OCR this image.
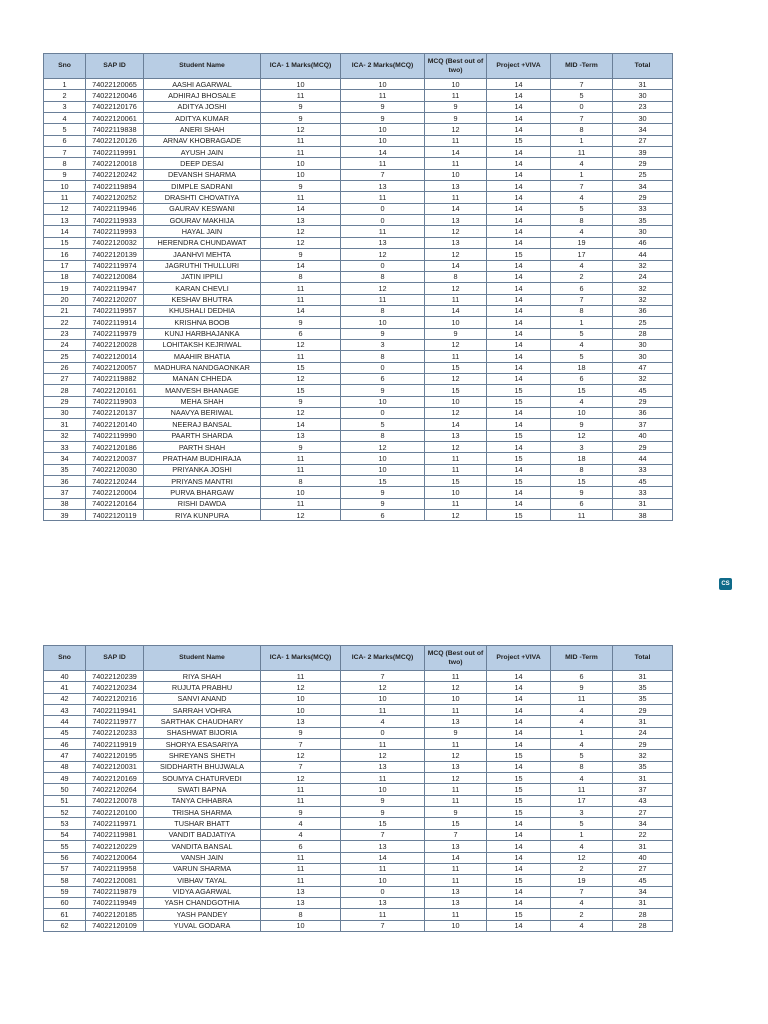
Sno	SAP ID	Student Name	ICA- 1 Marks(MCQ)	ICA- 2 Marks(MCQ)	MCQ (Best out of two)	Project +VIVA	MID -Term	Total
1	74022120065	AASHI AGARWAL	10	10	10	14	7	31
2	74022120046	ADHIRAJ BHOSALE	11	11	11	14	5	30
3	74022120176	ADITYA JOSHI	9	9	9	14	0	23
4	74022120061	ADITYA KUMAR	9	9	9	14	7	30
5	74022119838	ANERI SHAH	12	10	12	14	8	34
6	74022120126	ARNAV KHOBRAGADE	11	10	11	15	1	27
7	74022119991	AYUSH JAIN	11	14	14	14	11	39
8	74022120018	DEEP DESAI	10	11	11	14	4	29
9	74022120242	DEVANSH SHARMA	10	7	10	14	1	25
10	74022119894	DIMPLE SADRANI	9	13	13	14	7	34
11	74022120252	DRASHTI CHOVATIYA	11	11	11	14	4	29
12	74022119946	GAURAV KESWANI	14	0	14	14	5	33
13	74022119933	GOURAV MAKHIJA	13	0	13	14	8	35
14	74022119993	HAYAL JAIN	12	11	12	14	4	30
15	74022120032	HERENDRA CHUNDAWAT	12	13	13	14	19	46
16	74022120139	JAANHVI MEHTA	9	12	12	15	17	44
17	74022119974	JAGRUTHI THULLURI	14	0	14	14	4	32
18	74022120084	JATIN IPPILI	8	8	8	14	2	24
19	74022119947	KARAN CHEVLI	11	12	12	14	6	32
20	74022120207	KESHAV BHUTRA	11	11	11	14	7	32
21	74022119957	KHUSHALI DEDHIA	14	8	14	14	8	36
22	74022119914	KRISHNA BOOB	9	10	10	14	1	25
23	74022119979	KUNJ HARBHAJANKA	6	9	9	14	5	28
24	74022120028	LOHITAKSH KEJRIWAL	12	3	12	14	4	30
25	74022120014	MAAHIR BHATIA	11	8	11	14	5	30
26	74022120057	MADHURA NANDGAONKAR	15	0	15	14	18	47
27	74022119882	MANAN CHHEDA	12	6	12	14	6	32
28	74022120161	MANVESH BHANAGE	15	9	15	15	15	45
29	74022119903	MEHA SHAH	9	10	10	15	4	29
30	74022120137	NAAVYA BERIWAL	12	0	12	14	10	36
31	74022120140	NEERAJ BANSAL	14	5	14	14	9	37
32	74022119990	PAARTH SHARDA	13	8	13	15	12	40
33	74022120186	PARTH SHAH	9	12	12	14	3	29
34	74022120037	PRATHAM BUDHIRAJA	11	10	11	15	18	44
35	74022120030	PRIYANKA JOSHI	11	10	11	14	8	33
36	74022120244	PRIYANS MANTRI	8	15	15	15	15	45
37	74022120004	PURVA BHARGAW	10	9	10	14	9	33
38	74022120164	RISHI DAWDA	11	9	11	14	6	31
39	74022120119	RIYA KUNPURA	12	6	12	15	11	38
Sno	SAP ID	Student Name	ICA- 1 Marks(MCQ)	ICA- 2 Marks(MCQ)	MCQ (Best out of two)	Project +VIVA	MID -Term	Total
40	74022120239	RIYA SHAH	11	7	11	14	6	31
41	74022120234	RUJUTA PRABHU	12	12	12	14	9	35
42	74022120216	SANVI ANAND	10	10	10	14	11	35
43	74022119941	SARRAH VOHRA	10	11	11	14	4	29
44	74022119977	SARTHAK CHAUDHARY	13	4	13	14	4	31
45	74022120233	SHASHWAT BIJORIA	9	0	9	14	1	24
46	74022119919	SHORYA ESASARIYA	7	11	11	14	4	29
47	74022120195	SHREYANS SHETH	12	12	12	15	5	32
48	74022120031	SIDDHARTH BHUJWALA	7	13	13	14	8	35
49	74022120169	SOUMYA CHATURVEDI	12	11	12	15	4	31
50	74022120264	SWATI BAPNA	11	10	11	15	11	37
51	74022120078	TANYA CHHABRA	11	9	11	15	17	43
52	74022120100	TRISHA SHARMA	9	9	9	15	3	27
53	74022119971	TUSHAR BHATT	4	15	15	14	5	34
54	74022119981	VANDIT BADJATIYA	4	7	7	14	1	22
55	74022120229	VANDITA BANSAL	6	13	13	14	4	31
56	74022120064	VANSH JAIN	11	14	14	14	12	40
57	74022119958	VARUN SHARMA	11	11	11	14	2	27
58	74022120081	VIBHAV TAYAL	11	10	11	15	19	45
59	74022119879	VIDYA AGARWAL	13	0	13	14	7	34
60	74022119949	YASH CHANDGOTHIA	13	13	13	14	4	31
61	74022120185	YASH PANDEY	8	11	11	15	2	28
62	74022120109	YUVAL GODARA	10	7	10	14	4	28
CS
